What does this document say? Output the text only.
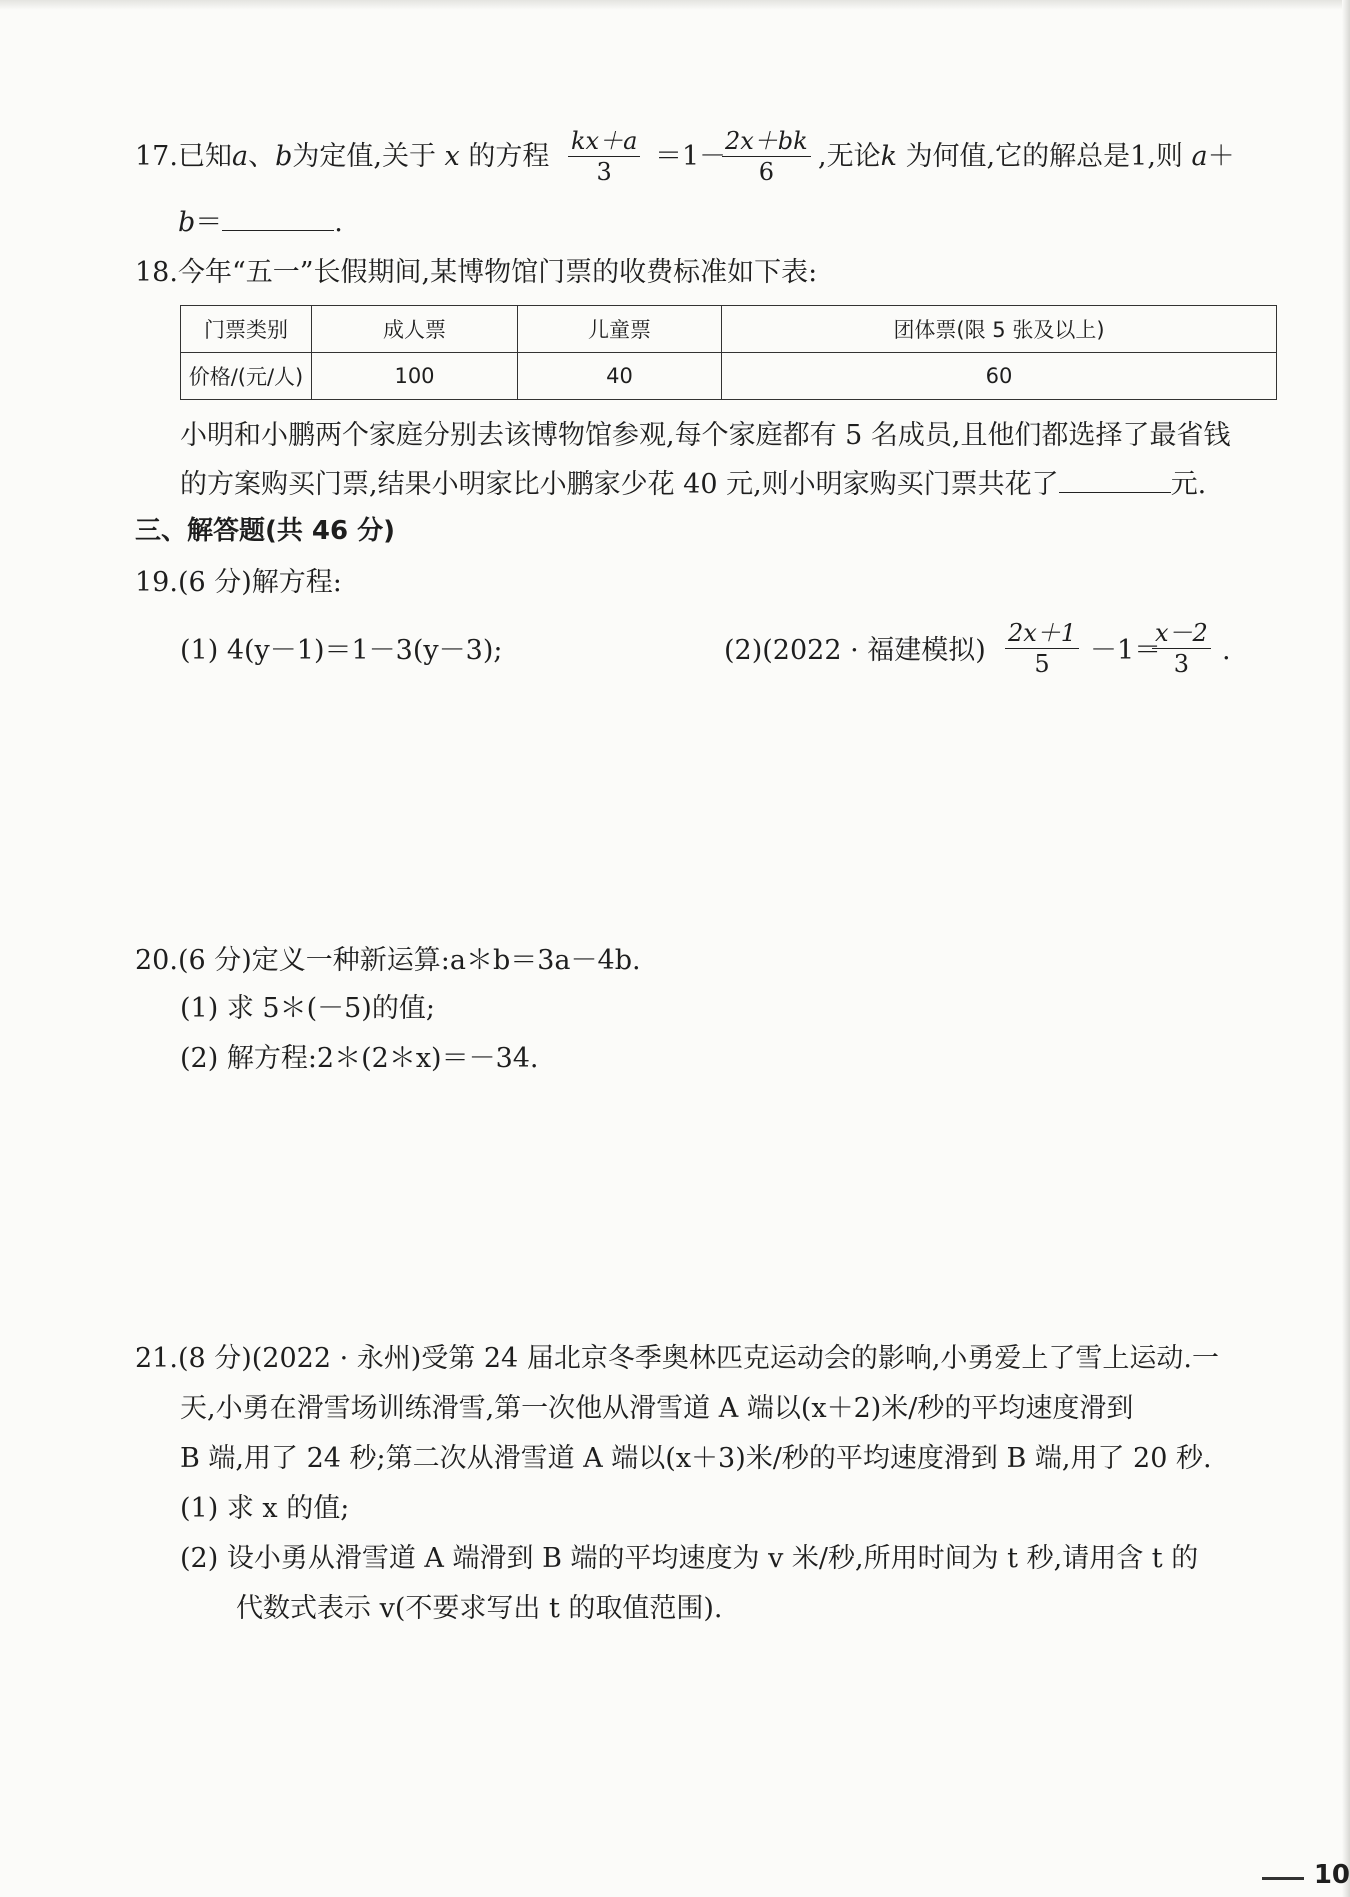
17.已知a、b为定值,关于 x 的方程 $\frac{kx+a}{3} =1-$
$\frac{2x+bk}{6}$ ,无论k 为何值,它的解总是1,则 a＋
b＝	.
18.今年“五一”长假期间,某博物馆门票的收费标准如下表:
门票类别	成人票	儿童票	团体票(限 5 张及以上)
价格/(元/人)	100	40	60
小明和小鹏两个家庭分别去该博物馆参观,每个家庭都有 5 名成员,且他们都选择了最省钱
的方案购买门票,结果小明家比小鹏家少花 40 元,则小明家购买门票共花了	元.
三、解答题(共 46 分)
19.(6 分)解方程:
(1) 4(y－1)＝1－3(y－3);	(2)(2022 · 福建模拟) $\frac{2x+1}{5} -1=$
$\frac{x-2}{3}$ .
20.(6 分)定义一种新运算:a＊b＝3a－4b.
(1) 求 5＊(－5)的值;
(2) 解方程:2＊(2＊x)＝－34.
21.(8 分)(2022 · 永州)受第 24 届北京冬季奥林匹克运动会的影响,小勇爱上了雪上运动.一
天,小勇在滑雪场训练滑雪,第一次他从滑雪道 A 端以(x＋2)米/秒的平均速度滑到
B 端,用了 24 秒;第二次从滑雪道 A 端以(x＋3)米/秒的平均速度滑到 B 端,用了 20 秒.
(1) 求 x 的值;
(2) 设小勇从滑雪道 A 端滑到 B 端的平均速度为 v 米/秒,所用时间为 t 秒,请用含 t 的
代数式表示 v(不要求写出 t 的取值范围).
10
